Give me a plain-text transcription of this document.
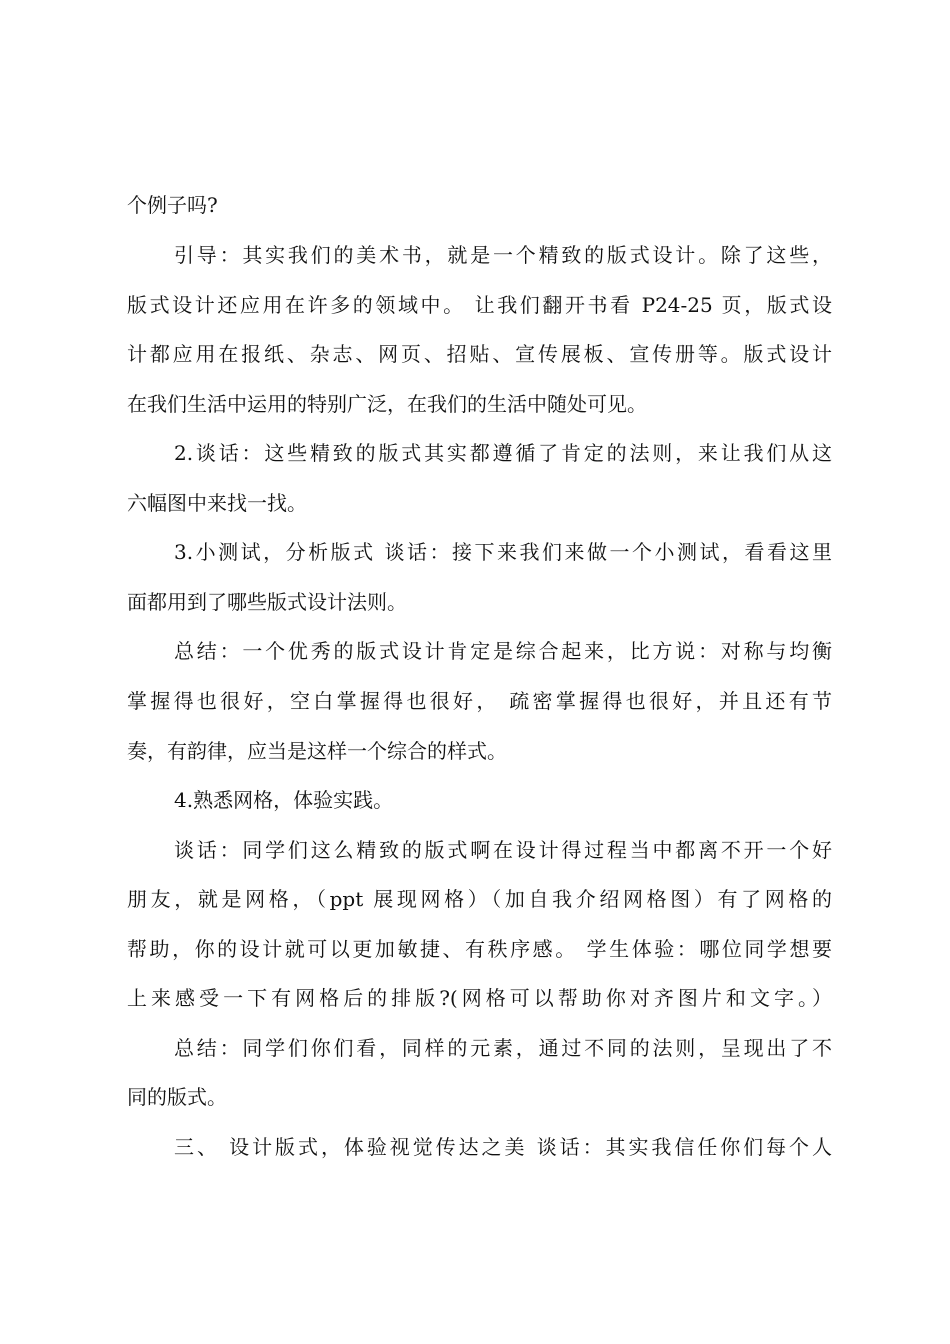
个例子吗?
引导：其实我们的美术书，就是一个精致的版式设计。除了这些，
版式设计还应用在许多的领域中。 让我们翻开书看 P24-25 页，版式设
计都应用在报纸、杂志、网页、招贴、宣传展板、宣传册等。版式设计
在我们生活中运用的特别广泛，在我们的生活中随处可见。
2.谈话：这些精致的版式其实都遵循了肯定的法则，来让我们从这
六幅图中来找一找。
3.小测试，分析版式 谈话：接下来我们来做一个小测试，看看这里
面都用到了哪些版式设计法则。
总结：一个优秀的版式设计肯定是综合起来，比方说：对称与均衡
掌握得也很好，空白掌握得也很好， 疏密掌握得也很好，并且还有节
奏，有韵律，应当是这样一个综合的样式。
4.熟悉网格，体验实践。
谈话：同学们这么精致的版式啊在设计得过程当中都离不开一个好
朋友，就是网格，（ppt 展现网格）（加自我介绍网格图）有了网格的
帮助，你的设计就可以更加敏捷、有秩序感。 学生体验：哪位同学想要
上来感受一下有网格后的排版?(网格可以帮助你对齐图片和文字。）
总结：同学们你们看，同样的元素，通过不同的法则，呈现出了不
同的版式。
三、 设计版式，体验视觉传达之美 谈话：其实我信任你们每个人
